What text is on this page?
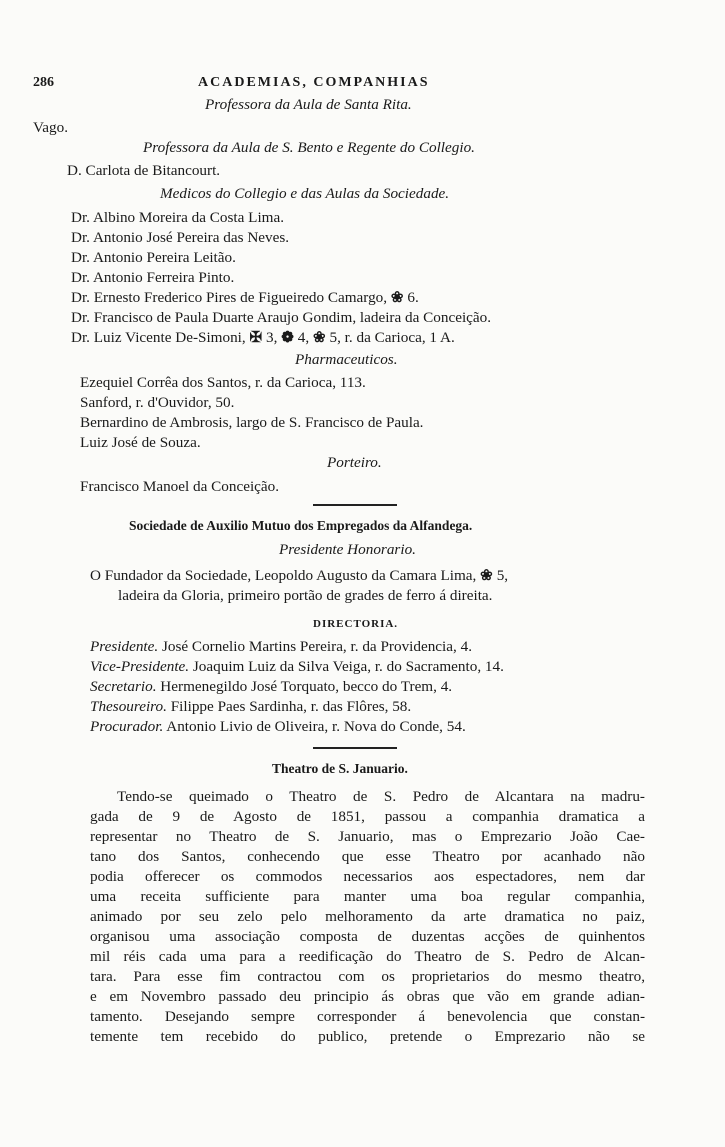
286	ACADEMIAS, COMPANHIAS
Professora da Aula de Santa Rita.
Vago.
Professora da Aula de S. Bento e Regente do Collegio.
D. Carlota de Bitancourt.
Medicos do Collegio e das Aulas da Sociedade.
Dr. Albino Moreira da Costa Lima.
Dr. Antonio José Pereira das Neves.
Dr. Antonio Pereira Leitão.
Dr. Antonio Ferreira Pinto.
Dr. Ernesto Frederico Pires de Figueiredo Camargo, ❀ 6.
Dr. Francisco de Paula Duarte Araujo Gondim, ladeira da Conceição.
Dr. Luiz Vicente De-Simoni, ✠ 3, ❁ 4, ❀ 5, r. da Carioca, 1 A.
Pharmaceuticos.
Ezequiel Corrêa dos Santos, r. da Carioca, 113.
Sanford, r. d'Ouvidor, 50.
Bernardino de Ambrosis, largo de S. Francisco de Paula.
Luiz José de Souza.
Porteiro.
Francisco Manoel da Conceição.
Sociedade de Auxilio Mutuo dos Empregados da Alfandega.
Presidente Honorario.
O Fundador da Sociedade, Leopoldo Augusto da Camara Lima, ❀ 5,
ladeira da Gloria, primeiro portão de grades de ferro á direita.
DIRECTORIA.
Presidente. José Cornelio Martins Pereira, r. da Providencia, 4.
Vice-Presidente. Joaquim Luiz da Silva Veiga, r. do Sacramento, 14.
Secretario. Hermenegildo José Torquato, becco do Trem, 4.
Thesoureiro. Filippe Paes Sardinha, r. das Flôres, 58.
Procurador. Antonio Livio de Oliveira, r. Nova do Conde, 54.
Theatro de S. Januario.
Tendo-se queimado o Theatro de S. Pedro de Alcantara na madru-
gada de 9 de Agosto de 1851, passou a companhia dramatica a
representar no Theatro de S. Januario, mas o Emprezario João Cae-
tano dos Santos, conhecendo que esse Theatro por acanhado não
podia offerecer os commodos necessarios aos espectadores, nem dar
uma receita sufficiente para manter uma boa regular companhia,
animado por seu zelo pelo melhoramento da arte dramatica no paiz,
organisou uma associação composta de duzentas acções de quinhentos
mil réis cada uma para a reedificação do Theatro de S. Pedro de Alcan-
tara. Para esse fim contractou com os proprietarios do mesmo theatro,
e em Novembro passado deu principio ás obras que vão em grande adian-
tamento. Desejando sempre corresponder á benevolencia que constan-
temente tem recebido do publico, pretende o Emprezario não se
